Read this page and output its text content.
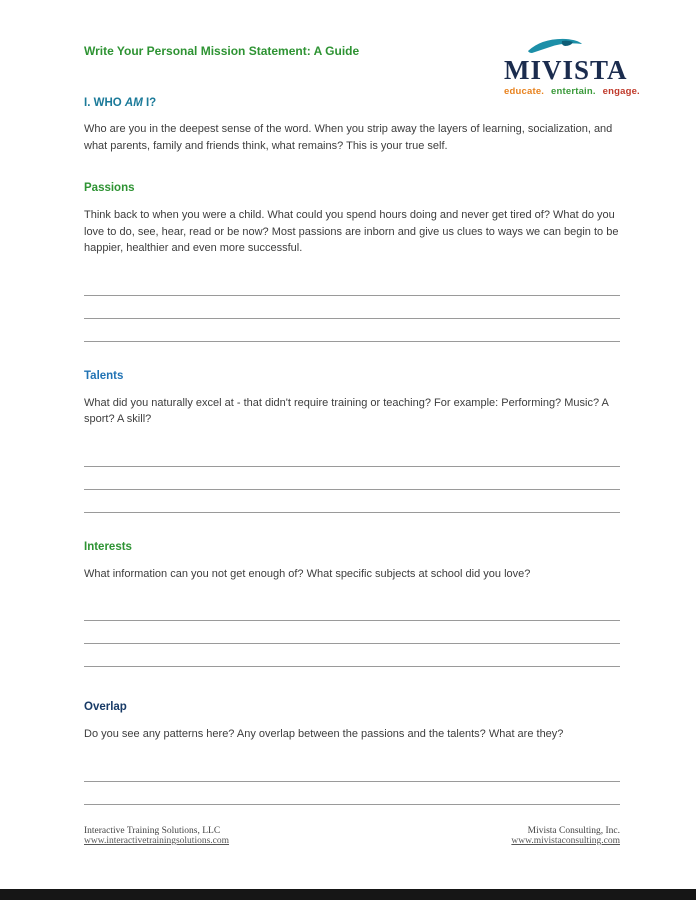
Write Your Personal Mission Statement: A Guide
MIVISTA
educate. entertain. engage.
I. WHO AM I?

Who are you in the deepest sense of the word. When you strip away the layers of learning, socialization, and what parents, family and friends think, what remains? This is your true self.

Passions

Think back to when you were a child. What could you spend hours doing and never get tired of? What do you love to do, see, hear, read or be now? Most passions are inborn and give us clues to ways we can begin to be happier, healthier and even more successful.

Talents

What did you naturally excel at - that didn't require training or teaching? For example: Performing? Music? A sport? A skill?

Interests

What information can you not get enough of? What specific subjects at school did you love?

Overlap

Do you see any patterns here? Any overlap between the passions and the talents? What are they?

Interactive Training Solutions, LLC
www.interactivetrainingsolutions.com
Mivista Consulting, Inc.
www.mivistaconsulting.com
